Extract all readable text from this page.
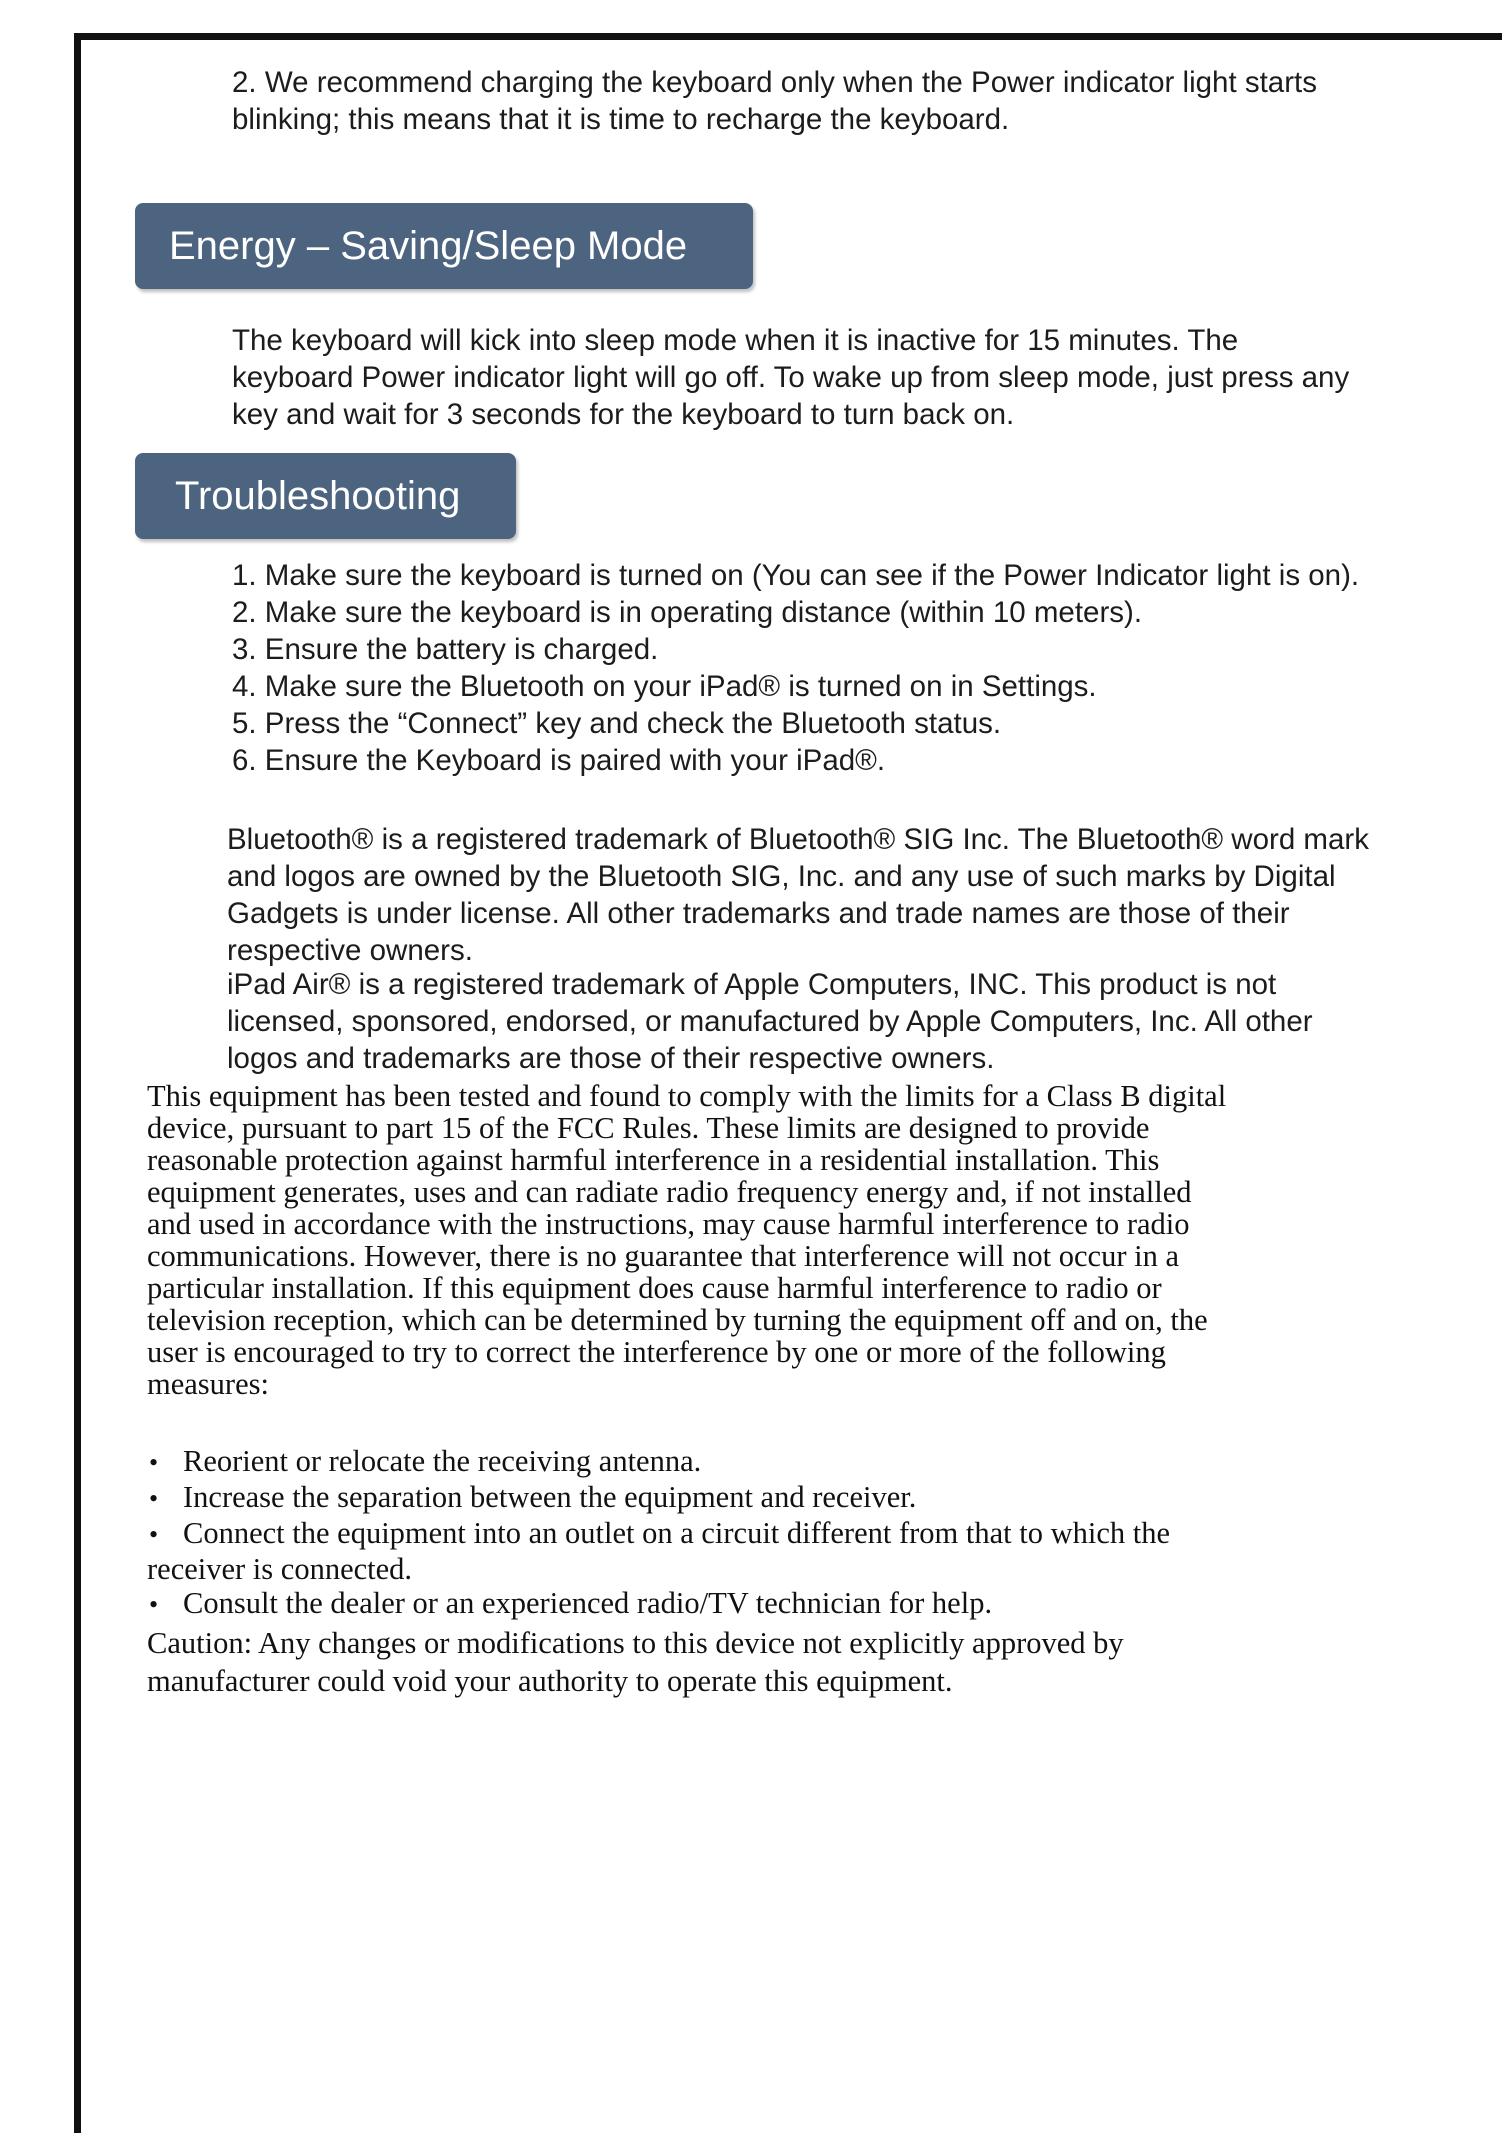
2. We recommend charging the keyboard only when the Power indicator light starts blinking; this means that it is time to recharge the keyboard.

Energy – Saving/Sleep Mode

The keyboard will kick into sleep mode when it is inactive for 15 minutes. The keyboard Power indicator light will go off. To wake up from sleep mode, just press any key and wait for 3 seconds for the keyboard to turn back on.

Troubleshooting
1. Make sure the keyboard is turned on (You can see if the Power Indicator light is on).
2. Make sure the keyboard is in operating distance (within 10 meters).
3. Ensure the battery is charged.
4. Make sure the Bluetooth on your iPad® is turned on in Settings.
5. Press the “Connect” key and check the Bluetooth status.
6. Ensure the Keyboard is paired with your iPad®.

Bluetooth® is a registered trademark of Bluetooth® SIG Inc. The Bluetooth® word mark and logos are owned by the Bluetooth SIG, Inc. and any use of such marks by Digital Gadgets is under license. All other trademarks and trade names are those of their respective owners.

iPad Air® is a registered trademark of Apple Computers, INC. This product is not licensed, sponsored, endorsed, or manufactured by Apple Computers, Inc. All other logos and trademarks are those of their respective owners.

This equipment has been tested and found to comply with the limits for a Class B digital device, pursuant to part 15 of the FCC Rules. These limits are designed to provide reasonable protection against harmful interference in a residential installation. This equipment generates, uses and can radiate radio frequency energy and, if not installed and used in accordance with the instructions, may cause harmful interference to radio communications. However, there is no guarantee that interference will not occur in a particular installation. If this equipment does cause harmful interference to radio or television reception, which can be determined by turning the equipment off and on, the user is encouraged to try to correct the interference by one or more of the following measures:

•Reorient or relocate the receiving antenna.
•Increase the separation between the equipment and receiver.
•Connect the equipment into an outlet on a circuit different from that to which the receiver is connected.
•Consult the dealer or an experienced radio/TV technician for help.

Caution: Any changes or modifications to this device not explicitly approved by manufacturer could void your authority to operate this equipment.
